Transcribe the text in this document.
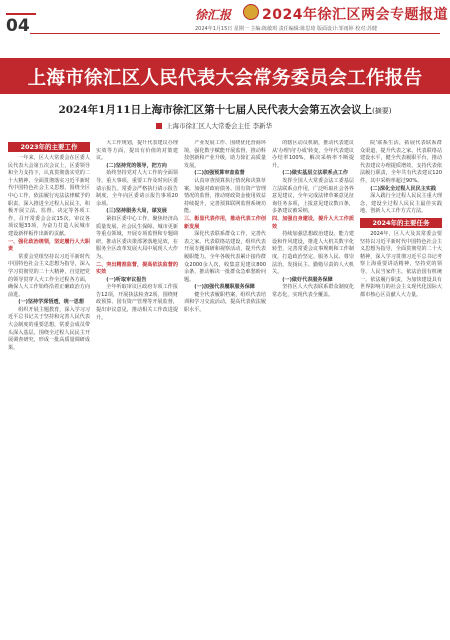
04
徐汇报 2024年徐汇区两会专题报道
2024年1月15日 星期一 主编:陈敏琪 责任编辑:陈思琦 版面设计:邹雨婷 校对:苏健
上海市徐汇区人民代表大会常务委员会工作报告
2024年1月11日上海市徐汇区第十七届人民代表大会第五次会议上(摘要)
上海市徐汇区人大常委会主任 李新华
2023年的主要工作

一年来，区人大常委会在区委人民代表大会第五次会议上，区委领导和全力支持下，认真贯彻落实党的二十大精神，全面贯彻落实习近平新时代中国特色社会主义思想，围绕全区中心工作，依法履行宪法法律赋予的职责，深入推进全过程人民民主，积极开展立法、监督、决定等各项工作，召开常委会会议15次，审议各项议题33项，为奋力打造人民城市建设新样板作出新的贡献。

一、强化政治统领，坚定履行人大职责

常委会党组坚持以习近平新时代中国特色社会主义思想为指导，深入学习贯彻党的二十大精神，自觉把党的领导贯穿人大工作全过程各方面，确保人大工作始终沿着正确政治方向前进。

(一)坚持学深悟透，统一思想

组织开展主题教育，深入学习习近平总书记关于坚持和完善人民代表大会制度的重要思想，常委会成员带头深入基层，围绕全过程人民民主开展调查研究，形成一批高质量调研成果。

大工作规划，提升代表建议办理实效等方面，提出有价值的对策建议。

(二)坚持党的领导，把方向

始终坚持党对人大工作的全面领导，重大事项、重要工作及时向区委请示报告。常委会严格执行请示报告制度，全年向区委请示报告事项20余项。

(三)坚持服务大局，谋发展

紧扣区委中心工作，聚焦经济高质量发展、社会民生保障、城市更新等重点领域，开展专项监督和专题调研，推动区委决策部署落地见效，在服务全区改革发展大局中展现人大作为。

二、突出精准监督，提高依法监督的实效

(一)听取审议报告

全年听取审议区政府专项工作报告12项，开展执法检查2项，围绕财政预算、国有资产管理等开展监督，提出审议意见，推动相关工作改进提升。

产业发展工作、围绕优化营商环境，强化数字赋能开展监督，推动科技创新和产业升级，助力徐汇高质量发展。

(二)加强预算审查监督

认真审查预算执行情况和决算草案，加强对政府债务、国有资产管理情况的监督，推动财政资金使用效益持续提升，完善预算联网监督系统功能。

三、彰显代表作用，推动代表工作创新发展

深化代表联系群众工作，完善代表之家、代表联络站建设，组织代表开展专题调研和视察活动，提升代表履职能力。全年各级代表累计接待群众2000余人次，收集意见建议800余条，推动解决一批群众急难愁盼问题。

(一)加强代表履职服务保障

健全代表履职档案，组织代表培训和学习交流活动，提高代表依法履职水平。

的辖区动员机制，推动代表建议从'办理'向'办成'转变，全年代表建议办结率100%，解决采纳率不断提升。

(二)做实基层立法联系点工作

发挥全国人大常委会法工委基层立法联系点作用，广泛听取社会各界意见建议，全年完成法律草案意见征询任务多项，上报意见建议数百条，多条建议被采纳。

四、加强自身建设，提升人大工作质效

持续加强思想政治建设、能力建设和作风建设，推进人大机关数字化转型，完善常委会议事规则和工作制度，打造政治坚定、服务人民、尊崇法治、发扬民主、勤勉尽责的人大机关。

(一)做好代表服务保障

坚持区人大代表联系群众制度化常态化，实现代表全覆盖。

院'联系生活，拓展代表联系群众渠道，提升代表之家、代表联络站建设水平，健全代表履职平台，推动代表建议办理提质增效，支持代表依法履行职责，全年共有代表建议120件，其中采纳率超过90%。

(二)深化全过程人民民主实践

深入践行全过程人民民主重大理念，建设全过程人民民主最佳实践地，创新人大工作方式方法。

2024年的主要任务

2024年，区人大及其常委会要坚持以习近平新时代中国特色社会主义思想为指导，全面贯彻党的二十大精神，深入学习贯彻习近平总书记考察上海重要讲话精神，坚持党的领导、人民当家作主、依法治国有机统一，依法履行职责，为加快建设具有世界影响力的社会主义现代化国际大都市核心区贡献人大力量。
